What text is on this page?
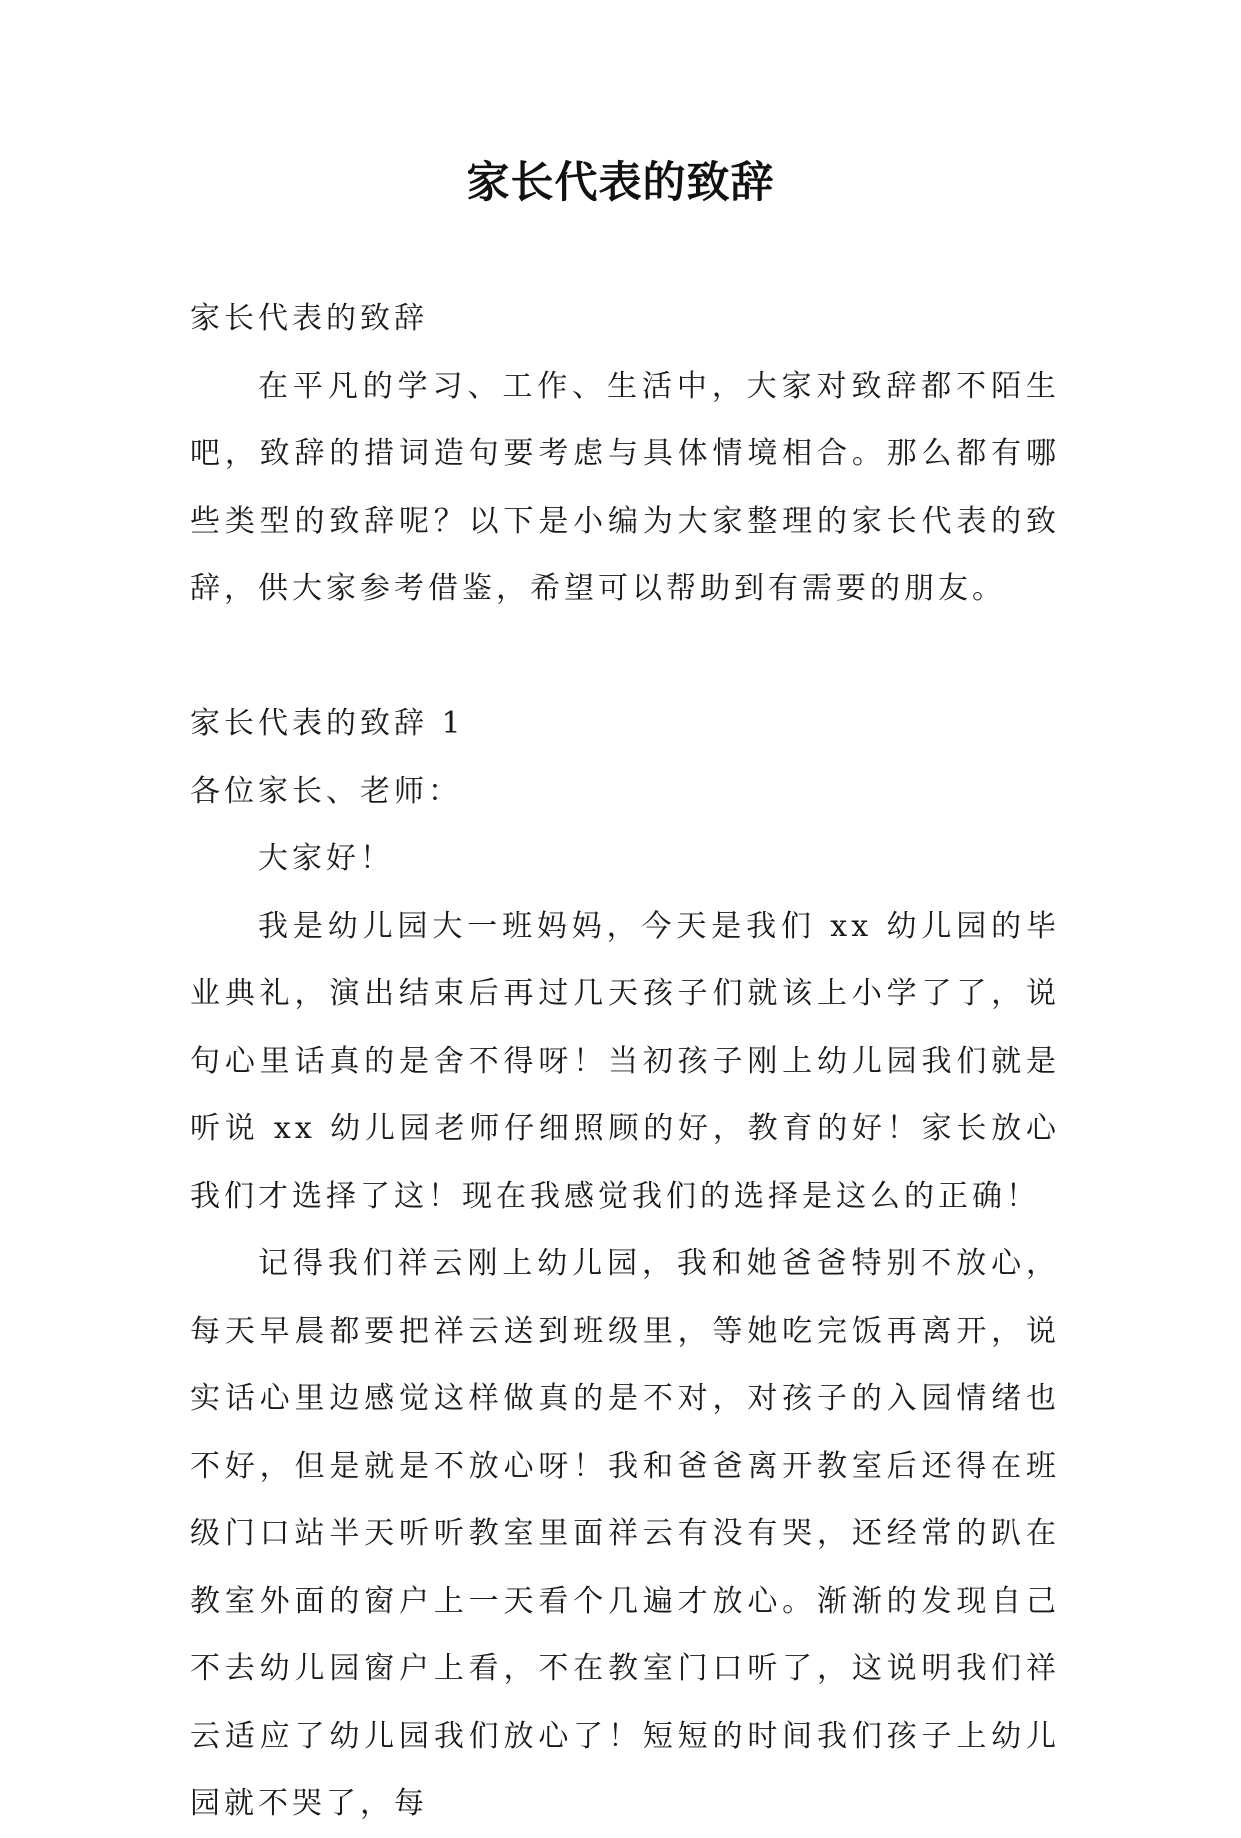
家长代表的致辞

家长代表的致辞

在平凡的学习、工作、生活中，大家对致辞都不陌生吧，致辞的措词造句要考虑与具体情境相合。那么都有哪些类型的致辞呢？以下是小编为大家整理的家长代表的致辞，供大家参考借鉴，希望可以帮助到有需要的朋友。

家长代表的致辞 1

各位家长、老师：

大家好！

我是幼儿园大一班妈妈，今天是我们 xx 幼儿园的毕业典礼，演出结束后再过几天孩子们就该上小学了了，说句心里话真的是舍不得呀！当初孩子刚上幼儿园我们就是听说 xx 幼儿园老师仔细照顾的好，教育的好！家长放心我们才选择了这！现在我感觉我们的选择是这么的正确！

记得我们祥云刚上幼儿园，我和她爸爸特别不放心，每天早晨都要把祥云送到班级里，等她吃完饭再离开，说实话心里边感觉这样做真的是不对，对孩子的入园情绪也不好，但是就是不放心呀！我和爸爸离开教室后还得在班级门口站半天听听教室里面祥云有没有哭，还经常的趴在教室外面的窗户上一天看个几遍才放心。渐渐的发现自己不去幼儿园窗户上看，不在教室门口听了，这说明我们祥云适应了幼儿园我们放心了！短短的时间我们孩子上幼儿园就不哭了，每
